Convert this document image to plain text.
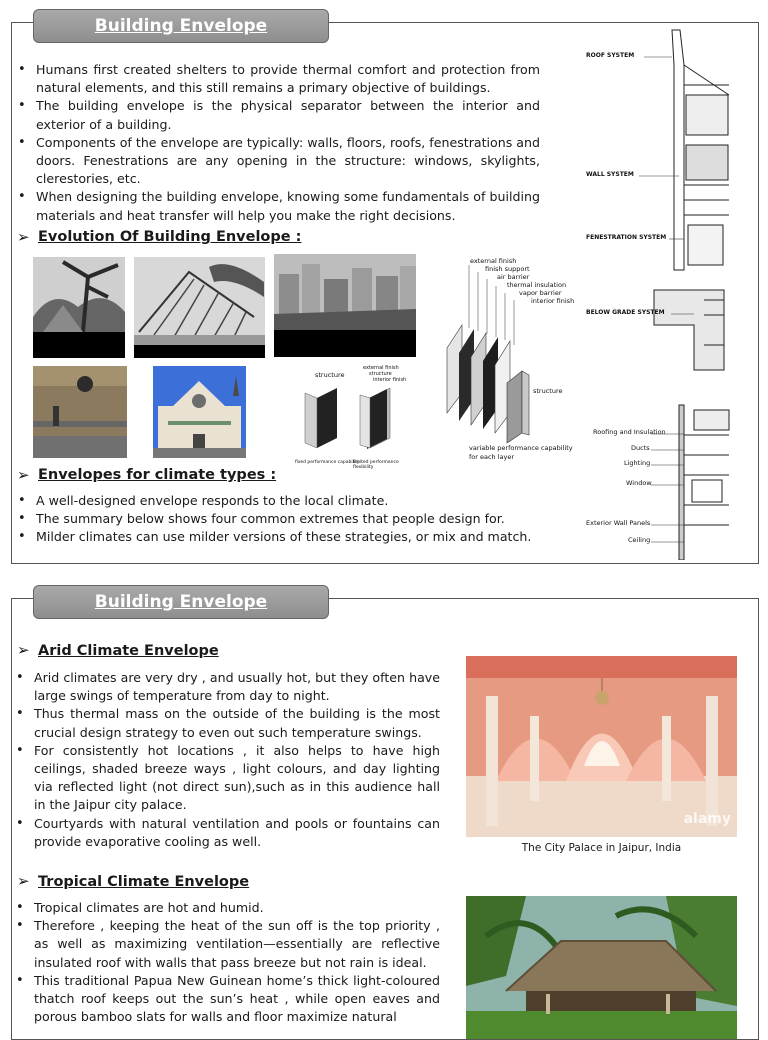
• Humans first created shelters to provide thermal comfort and protection from natural elements, and this still remains a primary objective of buildings.
• The building envelope is the physical separator between the interior and exterior of a building.
• Components of the envelope are typically: walls, floors, roofs, fenestrations and doors. Fenestrations are any opening in the structure: windows, skylights, clerestories, etc.
• When designing the building envelope, knowing some fundamentals of building materials and heat transfer will help you make the right decisions.
➢ Evolution Of Building Envelope :
structure
external finish
structure
interior finish
fixed performance capability
limited performance flexibility
external finish
finish support
air barrier
thermal insulation
vapor barrier
interior finish
structure
variable performance capability for each layer
➢ Envelopes for climate types :
• A well-designed envelope responds to the local climate.
• The summary below shows four common extremes that people design for.
• Milder climates can use milder versions of these strategies, or mix and match.
ROOF SYSTEM
WALL SYSTEM
FENESTRATION SYSTEM
BELOW GRADE SYSTEM
Roofing and Insulation
Ducts
Lighting
Window
Exterior Wall Panels
Ceiling
Building Envelope
➢ Arid Climate Envelope
• Arid climates are very dry , and usually hot, but they often have large swings of temperature from day to night.
• Thus thermal mass on the outside of the building is the most crucial design strategy to even out such temperature swings.
• For consistently hot locations , it also helps to have high ceilings, shaded breeze ways , light colours, and day lighting via reflected light (not direct sun),such as in this audience hall in the Jaipur city palace.
• Courtyards with natural ventilation and pools or fountains can provide evaporative cooling as well.
alamy
The City Palace in Jaipur, India
➢ Tropical Climate Envelope
• Tropical climates are hot and humid.
• Therefore , keeping the heat of the sun off is the top priority , as well as maximizing ventilation—essentially are reflective insulated roof with walls that pass breeze but not rain is ideal.
• This traditional Papua New Guinean home’s thick light-coloured thatch roof keeps out the sun’s heat , while open eaves and porous bamboo slats for walls and floor maximize natural
Building Envelope
